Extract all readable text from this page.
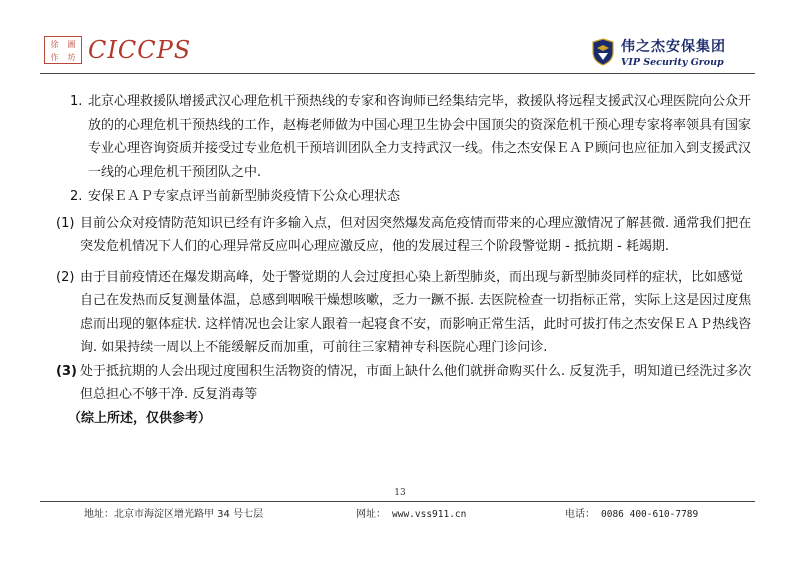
徐	圖
作	坊 CICCPS	伟之杰安保集团
VIP Security Group
1. 北京心理救援队增援武汉心理危机干预热线的专家和咨询师已经集结完毕，救援队将远程支援武汉心理医院向公众开放的的心理危机干预热线的工作，赵梅老师做为中国心理卫生协会中国顶尖的资深危机干预心理专家将率领具有国家专业心理咨询资质并接受过专业危机干预培训团队全力支持武汉一线。伟之杰安保ＥＡＰ顾问也应征加入到支援武汉一线的心理危机干预团队之中.
2. 安保ＥＡＰ专家点评当前新型肺炎疫情下公众心理状态
(1) 目前公众对疫情防范知识已经有许多输入点，但对因突然爆发高危疫情而带来的心理应激情况了解甚微. 通常我们把在突发危机情况下人们的心理异常反应叫心理应激反应，他的发展过程三个阶段警觉期 - 抵抗期 - 耗竭期.
(2) 由于目前疫情还在爆发期高峰，处于警觉期的人会过度担心染上新型肺炎，而出现与新型肺炎同样的症状，比如感觉自己在发热而反复测量体温，总感到咽喉干燥想咳嗽，乏力一蹶不振. 去医院检查一切指标正常，实际上这是因过度焦虑而出现的躯体症状. 这样情况也会让家人跟着一起寝食不安，而影响正常生活，此时可拔打伟之杰安保ＥＡＰ热线咨询. 如果持续一周以上不能缓解反而加重，可前往三家精神专科医院心理门诊问诊.
(3) 处于抵抗期的人会出现过度囤积生活物资的情况，市面上缺什么他们就拼命购买什么. 反复洗手，明知道已经洗过多次但总担心不够干净. 反复消毒等
（综上所述，仅供参考）
13
地址：北京市海淀区增光路甲 34 号七层	网址： www.vss911.cn	电话： 0086 400-610-7789
